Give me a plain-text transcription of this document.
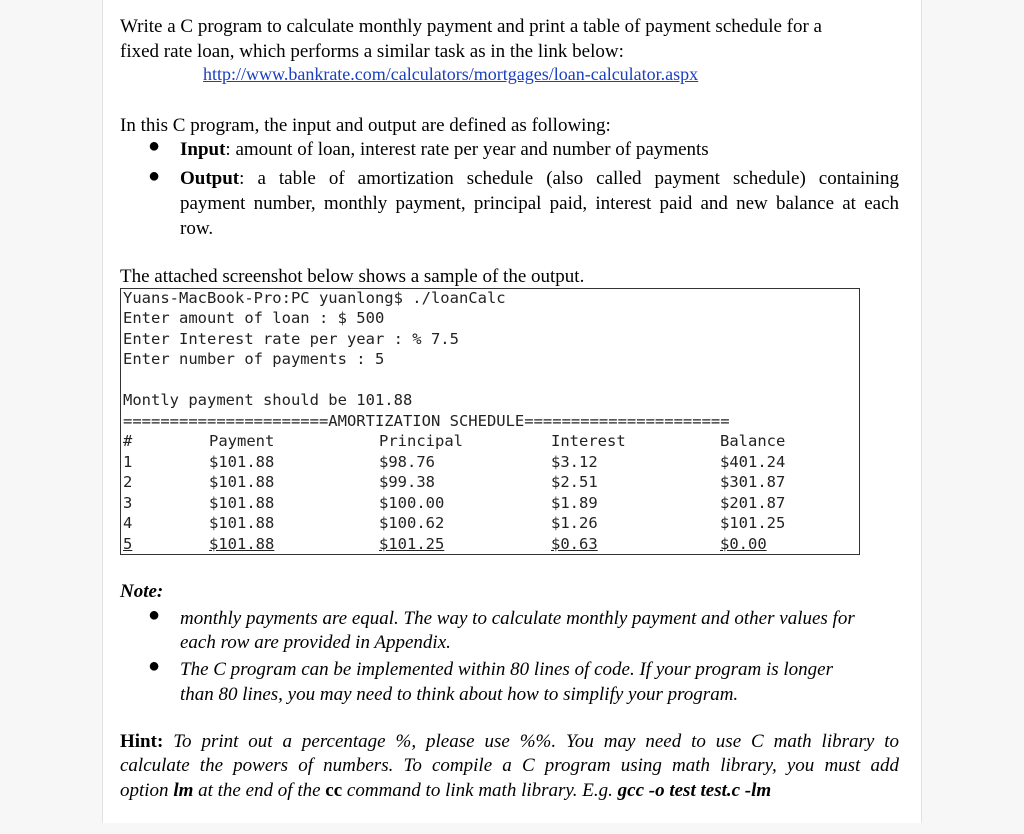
Write a C program to calculate monthly payment and print a table of payment schedule for a
fixed rate loan, which performs a similar task as in the link below:
http://www.bankrate.com/calculators/mortgages/loan-calculator.aspx
In this C program, the input and output are defined as following:
● Input: amount of loan, interest rate per year and number of payments
● Output: a table of amortization schedule (also called payment schedule) containing
payment number, monthly payment, principal paid, interest paid and new balance at each
row.
The attached screenshot below shows a sample of the output.
Yuans-MacBook-Pro:PC yuanlong$ ./loanCalc
Enter amount of loan : $ 500
Enter Interest rate per year : % 7.5
Enter number of payments : 5
Montly payment should be 101.88
======================AMORTIZATION SCHEDULE======================
#	Payment	Principal	Interest	Balance
1	$101.88	$98.76	$3.12	$401.24
2	$101.88	$99.38	$2.51	$301.87
3	$101.88	$100.00	$1.89	$201.87
4	$101.88	$100.62	$1.26	$101.25
5	$101.88	$101.25	$0.63	$0.00
Note:
● monthly payments are equal. The way to calculate monthly payment and other values for
each row are provided in Appendix.
● The C program can be implemented within 80 lines of code. If your program is longer
than 80 lines, you may need to think about how to simplify your program.
Hint: To print out a percentage %, please use %%. You may need to use C math library to
calculate the powers of numbers. To compile a C program using math library, you must add
option lm at the end of the cc command to link math library. E.g. gcc -o test test.c -lm
